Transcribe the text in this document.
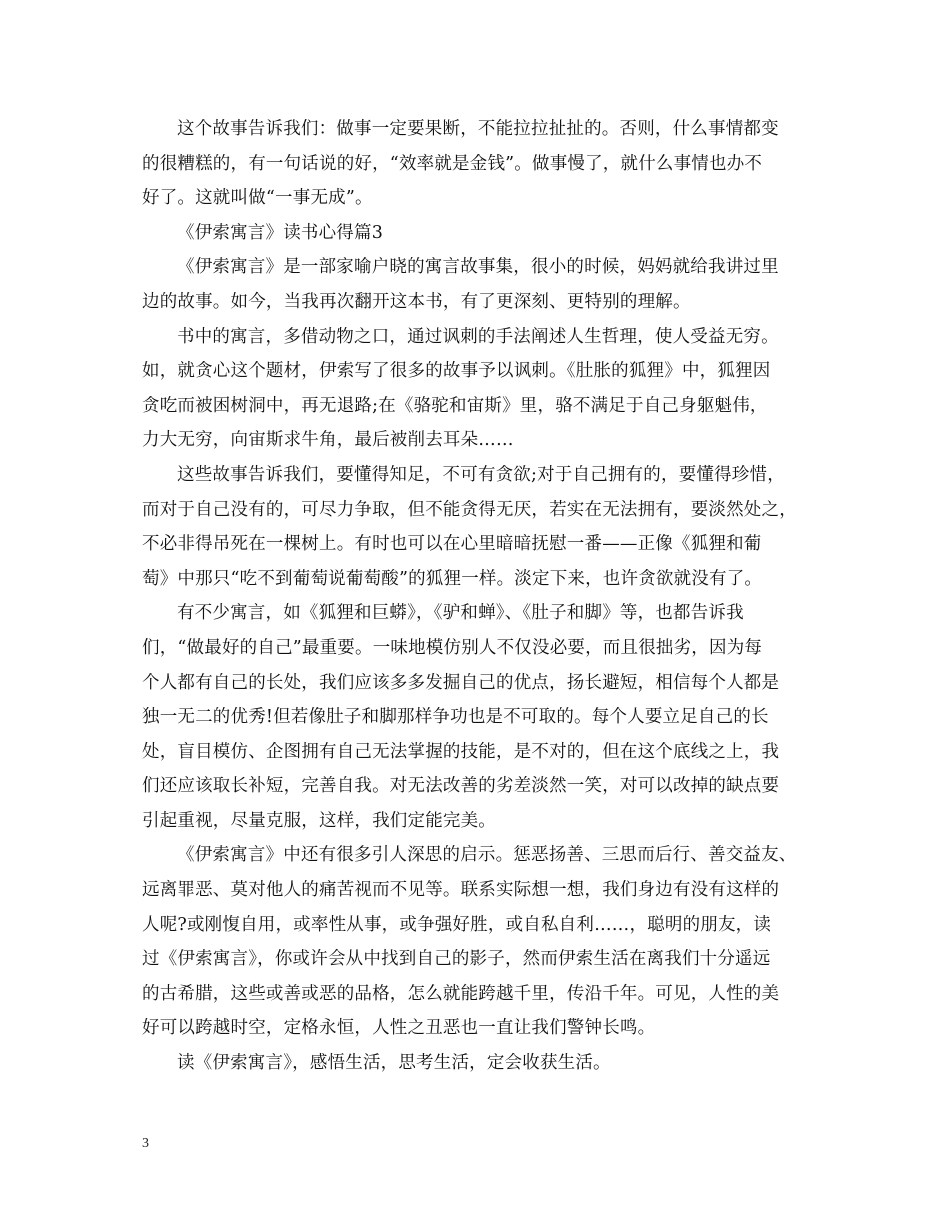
这个故事告诉我们：做事一定要果断，不能拉拉扯扯的。否则，什么事情都变
的很糟糕的，有一句话说的好，“效率就是金钱”。做事慢了，就什么事情也办不
好了。这就叫做“一事无成”。

《伊索寓言》读书心得篇3

《伊索寓言》是一部家喻户晓的寓言故事集，很小的时候，妈妈就给我讲过里
边的故事。如今，当我再次翻开这本书，有了更深刻、更特别的理解。

书中的寓言，多借动物之口，通过讽刺的手法阐述人生哲理，使人受益无穷。
如，就贪心这个题材，伊索写了很多的故事予以讽刺。《肚胀的狐狸》中，狐狸因
贪吃而被困树洞中，再无退路;在《骆驼和宙斯》里，骆不满足于自己身躯魁伟，
力大无穷，向宙斯求牛角，最后被削去耳朵……

这些故事告诉我们，要懂得知足，不可有贪欲;对于自己拥有的，要懂得珍惜，
而对于自己没有的，可尽力争取，但不能贪得无厌，若实在无法拥有，要淡然处之，
不必非得吊死在一棵树上。有时也可以在心里暗暗抚慰一番——正像《狐狸和葡
萄》中那只“吃不到葡萄说葡萄酸”的狐狸一样。淡定下来，也许贪欲就没有了。

有不少寓言，如《狐狸和巨蟒》，《驴和蝉》、《肚子和脚》等，也都告诉我
们，“做最好的自己”最重要。一味地模仿别人不仅没必要，而且很拙劣，因为每
个人都有自己的长处，我们应该多多发掘自己的优点，扬长避短，相信每个人都是
独一无二的优秀!但若像肚子和脚那样争功也是不可取的。每个人要立足自己的长
处，盲目模仿、企图拥有自己无法掌握的技能，是不对的，但在这个底线之上，我
们还应该取长补短，完善自我。对无法改善的劣差淡然一笑，对可以改掉的缺点要
引起重视，尽量克服，这样，我们定能完美。

《伊索寓言》中还有很多引人深思的启示。惩恶扬善、三思而后行、善交益友、
远离罪恶、莫对他人的痛苦视而不见等。联系实际想一想，我们身边有没有这样的
人呢?或刚愎自用，或率性从事，或争强好胜，或自私自利……，聪明的朋友，读
过《伊索寓言》，你或许会从中找到自己的影子，然而伊索生活在离我们十分遥远
的古希腊，这些或善或恶的品格，怎么就能跨越千里，传沿千年。可见，人性的美
好可以跨越时空，定格永恒，人性之丑恶也一直让我们警钟长鸣。

读《伊索寓言》，感悟生活，思考生活，定会收获生活。

3
